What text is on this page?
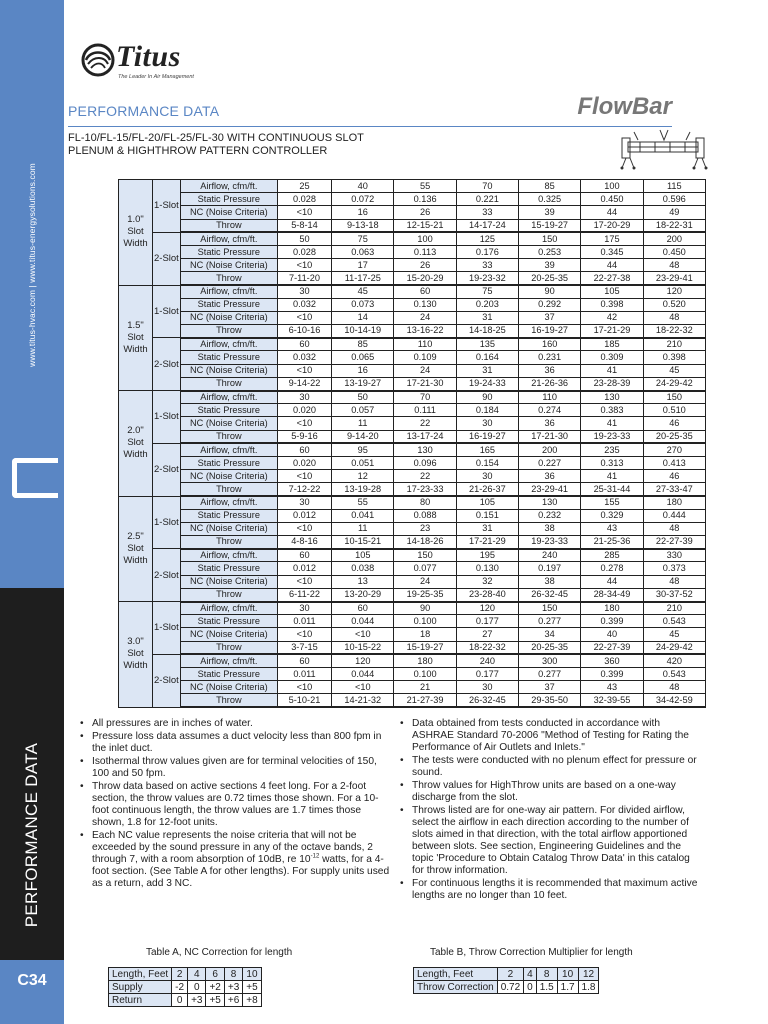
www.titus-hvac.com | www.titus-energysolutions.com
PERFORMANCE DATA
C34
Titus
The Leader In Air Management
PERFORMANCE DATA	FlowBar
FL-10/FL-15/FL-20/FL-25/FL-30 WITH CONTINUOUS SLOT
PLENUM & HIGHTHROW PATTERN CONTROLLER
1.0"
Slot
Width	1-Slot	Airflow, cfm/ft.	25	40	55	70	85	100	115
		Static Pressure	0.028	0.072	0.136	0.221	0.325	0.450	0.596
		NC (Noise Criteria)	<10	16	26	33	39	44	49
		Throw	5-8-14	9-13-18	12-15-21	14-17-24	15-19-27	17-20-29	18-22-31
	2-Slot	Airflow, cfm/ft.	50	75	100	125	150	175	200
		Static Pressure	0.028	0.063	0.113	0.176	0.253	0.345	0.450
		NC (Noise Criteria)	<10	17	26	33	39	44	48
		Throw	7-11-20	11-17-25	15-20-29	19-23-32	20-25-35	22-27-38	23-29-41

1.5"
Slot
Width	1-Slot	Airflow, cfm/ft.	30	45	60	75	90	105	120
		Static Pressure	0.032	0.073	0.130	0.203	0.292	0.398	0.520
		NC (Noise Criteria)	<10	14	24	31	37	42	48
		Throw	6-10-16	10-14-19	13-16-22	14-18-25	16-19-27	17-21-29	18-22-32
	2-Slot	Airflow, cfm/ft.	60	85	110	135	160	185	210
		Static Pressure	0.032	0.065	0.109	0.164	0.231	0.309	0.398
		NC (Noise Criteria)	<10	16	24	31	36	41	45
		Throw	9-14-22	13-19-27	17-21-30	19-24-33	21-26-36	23-28-39	24-29-42

2.0"
Slot
Width	1-Slot	Airflow, cfm/ft.	30	50	70	90	110	130	150
		Static Pressure	0.020	0.057	0.111	0.184	0.274	0.383	0.510
		NC (Noise Criteria)	<10	11	22	30	36	41	46
		Throw	5-9-16	9-14-20	13-17-24	16-19-27	17-21-30	19-23-33	20-25-35
	2-Slot	Airflow, cfm/ft.	60	95	130	165	200	235	270
		Static Pressure	0.020	0.051	0.096	0.154	0.227	0.313	0.413
		NC (Noise Criteria)	<10	12	22	30	36	41	46
		Throw	7-12-22	13-19-28	17-23-33	21-26-37	23-29-41	25-31-44	27-33-47

2.5"
Slot
Width	1-Slot	Airflow, cfm/ft.	30	55	80	105	130	155	180
		Static Pressure	0.012	0.041	0.088	0.151	0.232	0.329	0.444
		NC (Noise Criteria)	<10	11	23	31	38	43	48
		Throw	4-8-16	10-15-21	14-18-26	17-21-29	19-23-33	21-25-36	22-27-39
	2-Slot	Airflow, cfm/ft.	60	105	150	195	240	285	330
		Static Pressure	0.012	0.038	0.077	0.130	0.197	0.278	0.373
		NC (Noise Criteria)	<10	13	24	32	38	44	48
		Throw	6-11-22	13-20-29	19-25-35	23-28-40	26-32-45	28-34-49	30-37-52

3.0"
Slot
Width	1-Slot	Airflow, cfm/ft.	30	60	90	120	150	180	210
		Static Pressure	0.011	0.044	0.100	0.177	0.277	0.399	0.543
		NC (Noise Criteria)	<10	<10	18	27	34	40	45
		Throw	3-7-15	10-15-22	15-19-27	18-22-32	20-25-35	22-27-39	24-29-42
	2-Slot	Airflow, cfm/ft.	60	120	180	240	300	360	420
		Static Pressure	0.011	0.044	0.100	0.177	0.277	0.399	0.543
		NC (Noise Criteria)	<10	<10	21	30	37	43	48
		Throw	5-10-21	14-21-32	21-27-39	26-32-45	29-35-50	32-39-55	34-42-59
• All pressures are in inches of water.
• Pressure loss data assumes a duct velocity less than 800 fpm in the inlet duct.
• Isothermal throw values given are for terminal velocities of 150, 100 and 50 fpm.
• Throw data based on active sections 4 feet long. For a 2-foot section, the throw values are 0.72 times those shown. For a 10-foot continuous length, the throw values are 1.7 times those shown, 1.8 for 12-foot units.
• Each NC value represents the noise criteria that will not be exceeded by the sound pressure in any of the octave bands, 2 through 7, with a room absorption of 10dB, re $10^{-12}$ watts, for a 4-foot section. (See Table A for other lengths). For supply units used as a return, add 3 NC.
• Data obtained from tests conducted in accordance with ASHRAE Standard 70-2006 "Method of Testing for Rating the Performance of Air Outlets and Inlets."
• The tests were conducted with no plenum effect for pressure or sound.
• Throw values for HighThrow units are based on a one-way discharge from the slot.
• Throws listed are for one-way air pattern. For divided airflow, select the airflow in each direction according to the number of slots aimed in that direction, with the total airflow apportioned between slots. See section, Engineering Guidelines and the topic 'Procedure to Obtain Catalog Throw Data' in this catalog for throw information.
• For continuous lengths it is recommended that maximum active lengths are no longer than 10 feet.
Table A, NC Correction for length
Length, Feet	2	4	6	8	10
Supply	-2	0	+2	+3	+5
Return	0	+3	+5	+6	+8
Table B, Throw Correction Multiplier for length
Length, Feet	2	4	8	10	12
Throw Correction	0.72	0	1.5	1.7	1.8
